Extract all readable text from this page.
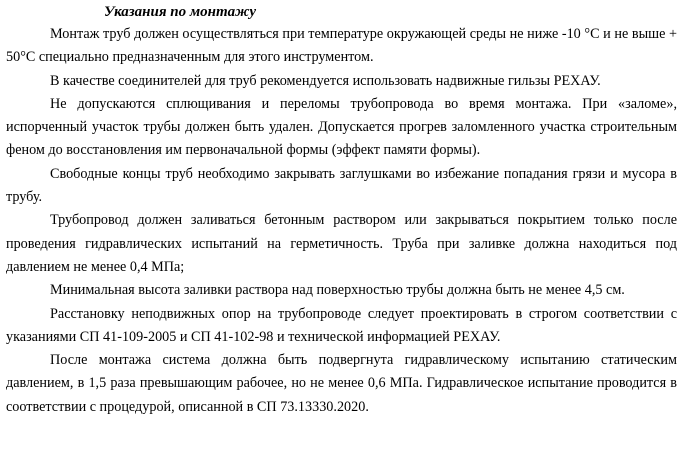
Указания по монтажу

Монтаж труб должен осуществляться при температуре окружающей среды не ниже -10 °С и не выше + 50°С специально предназначенным для этого инструментом.

В качестве соединителей для труб рекомендуется использовать надвижные гильзы РЕХАУ.

Не допускаются сплющивания и переломы трубопровода во время монтажа. При «заломе», испорченный участок трубы должен быть удален. Допускается прогрев заломленного участка строительным феном до восстановления им первоначальной формы (эффект памяти формы).

Свободные концы труб необходимо закрывать заглушками во избежание попадания грязи и мусора в трубу.

Трубопровод должен заливаться бетонным раствором или закрываться покрытием только после проведения гидравлических испытаний на герметичность. Труба при заливке должна находиться под давлением не менее 0,4 МПа;

Минимальная высота заливки раствора над поверхностью трубы должна быть не менее 4,5 см.

Расстановку неподвижных опор на трубопроводе следует проектировать в строгом соответствии с указаниями СП 41-109-2005 и СП 41-102-98 и технической информацией РЕХАУ.

После монтажа система должна быть подвергнута гидравлическому испытанию статическим давлением, в 1,5 раза превышающим рабочее, но не менее 0,6 МПа. Гидравлическое испытание проводится в соответствии с процедурой, описанной в СП 73.13330.2020.
